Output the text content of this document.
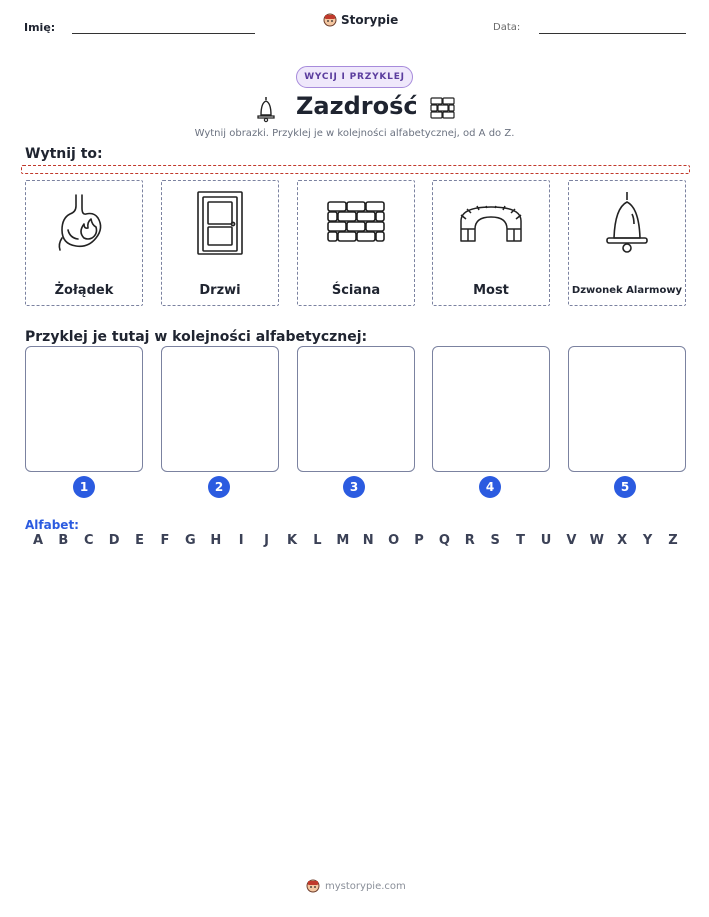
Imię:
Storypie
Data:
WYCIJ I PRZYKLEJ
Zazdrość
Wytnij obrazki. Przyklej je w kolejności alfabetycznej, od A do Z.
Wytnij to:
Żołądek	Drzwi	Ściana	Most	Dzwonek Alarmowy
Przyklej je tutaj w kolejności alfabetycznej:
1	2	3	4	5
Alfabet:
A B C D E F G H I J K L M N O P Q R S T U V W X Y Z
mystorypie.com
